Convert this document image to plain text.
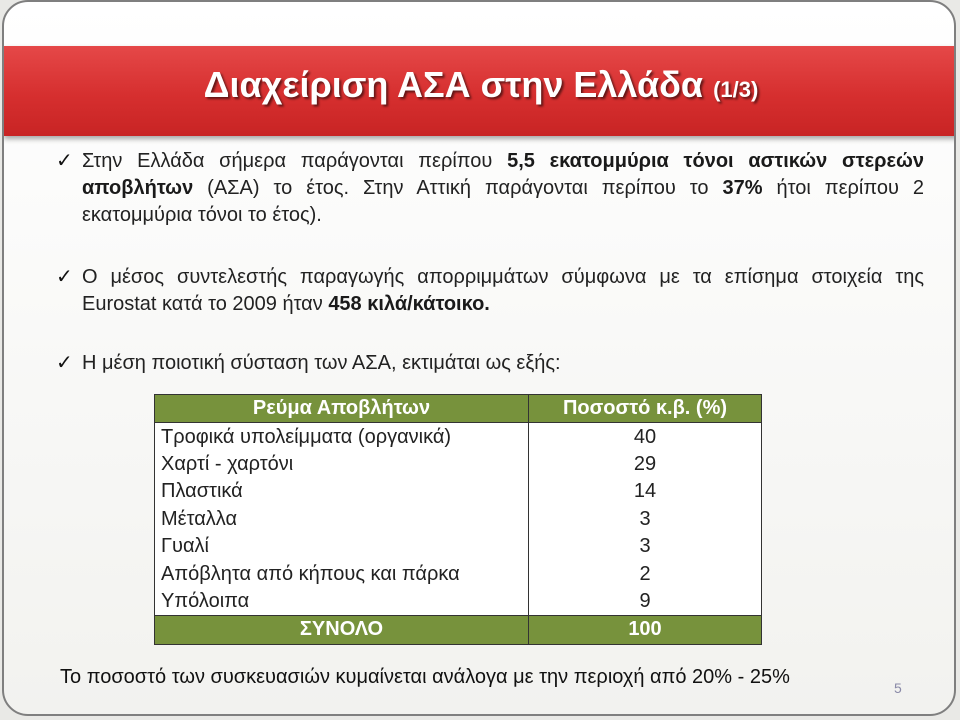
Διαχείριση ΑΣΑ στην Ελλάδα (1/3)
✓ Στην Ελλάδα σήμερα παράγονται περίπου 5,5 εκατομμύρια τόνοι αστικών στερεών αποβλήτων (ΑΣΑ) το έτος. Στην Αττική παράγονται περίπου το 37% ήτοι περίπου 2 εκατομμύρια τόνοι το έτος).
✓ Ο μέσος συντελεστής παραγωγής απορριμμάτων σύμφωνα με τα επίσημα στοιχεία της Eurostat κατά το 2009 ήταν 458 κιλά/κάτοικο.
✓ Η μέση ποιοτική σύσταση των ΑΣΑ, εκτιμάται ως εξής:
Ρεύμα Αποβλήτων	Ποσοστό κ.β. (%)
Τροφικά υπολείμματα (οργανικά)	40
Χαρτί - χαρτόνι	29
Πλαστικά	14
Μέταλλα	3
Γυαλί	3
Απόβλητα από κήπους και πάρκα	2
Υπόλοιπα	9
ΣΥΝΟΛΟ	100
Το ποσοστό των συσκευασιών κυμαίνεται ανάλογα με την περιοχή από 20% - 25%	5
